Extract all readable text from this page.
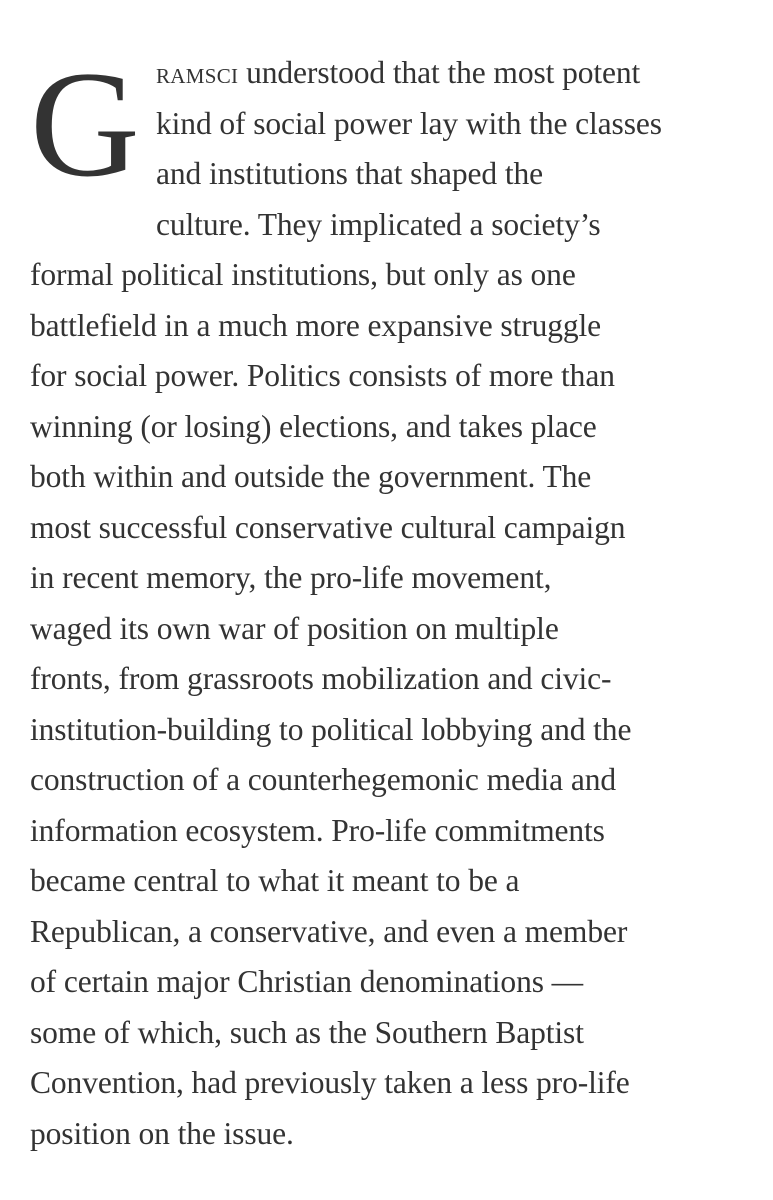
G ramsci understood that the most potent
kind of social power lay with the classes
and institutions that shaped the
culture. They implicated a society’s
formal political institutions, but only as one
battlefield in a much more expansive struggle
for social power. Politics consists of more than
winning (or losing) elections, and takes place
both within and outside the government. The
most successful conservative cultural campaign
in recent memory, the pro-life movement,
waged its own war of position on multiple
fronts, from grassroots mobilization and civic-
institution-building to political lobbying and the
construction of a counterhegemonic media and
information ecosystem. Pro-life commitments
became central to what it meant to be a
Republican, a conservative, and even a member
of certain major Christian denominations —
some of which, such as the Southern Baptist
Convention, had previously taken a less pro-life
position on the issue.
